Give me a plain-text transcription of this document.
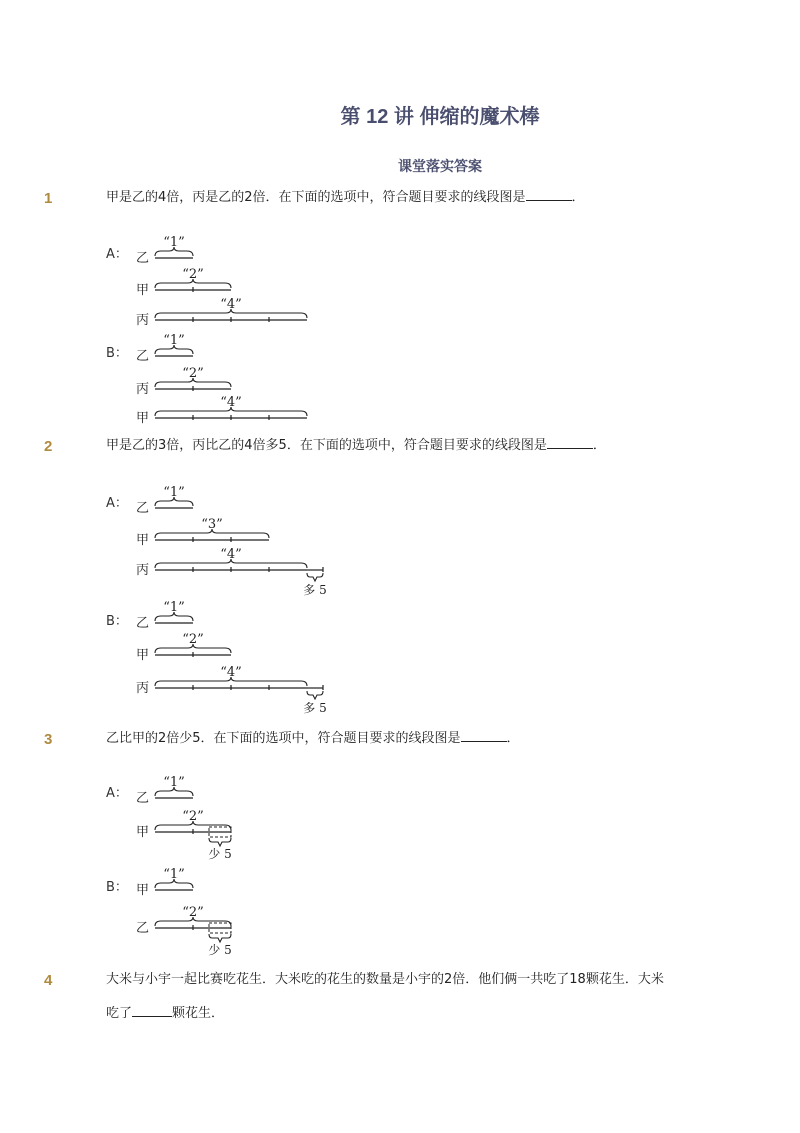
第 12 讲 伸缩的魔术棒
课堂落实答案
1	甲是乙的4倍，丙是乙的2倍．在下面的选项中，符合题目要求的线段图是	．
A：
B：
2	甲是乙的3倍，丙比乙的4倍多5．在下面的选项中，符合题目要求的线段图是	．
A：
B：
3	乙比甲的2倍少5．在下面的选项中，符合题目要求的线段图是	．
A：
B：
4	大米与小宇一起比赛吃花生．大米吃的花生的数量是小宇的2倍．他们俩一共吃了18颗花生．大米
吃了	颗花生．
乙
“1”
甲
“2”
丙
“4”
乙
“1”
丙
“2”
甲
“4”
乙
“1”
甲
“3”
丙
“4”
多 5
乙
“1”
甲
“2”
丙
“4”
多 5
乙
“1”
甲
“2”
少 5
甲
“1”
乙
“2”
少 5
